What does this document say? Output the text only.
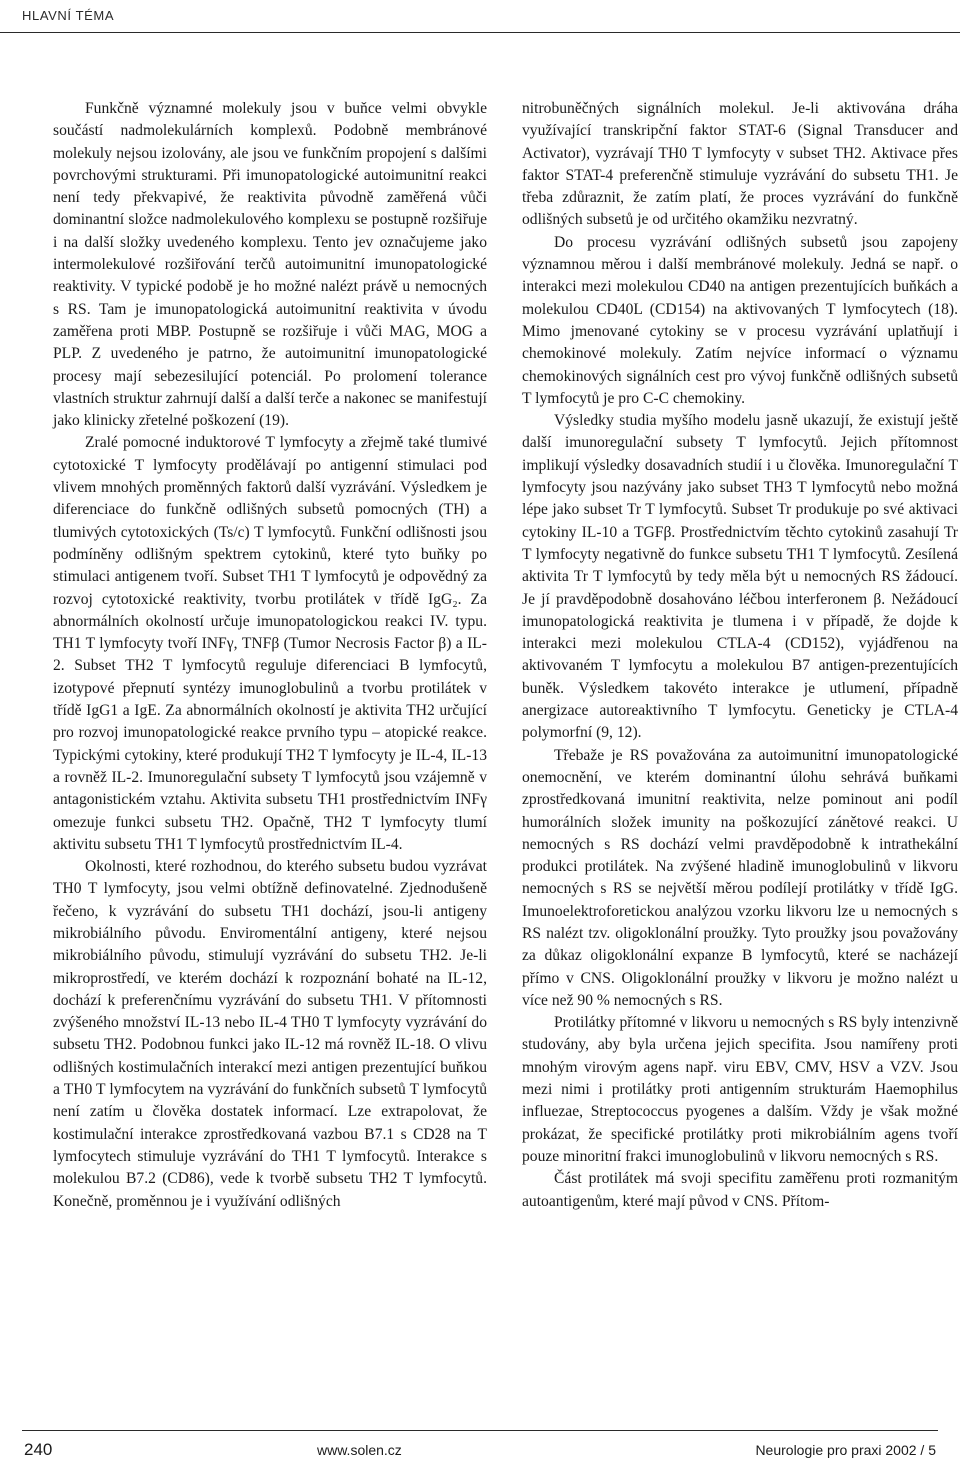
HLAVNÍ TÉMA

Funkčně významné molekuly jsou v buňce velmi obvykle součástí nadmolekulárních komplexů. Podobně membránové molekuly nejsou izolovány, ale jsou ve funkčním propojení s dalšími povrchovými strukturami. Při imunopatologické autoimunitní reakci není tedy překvapivé, že reaktivita původně zaměřená vůči dominantní složce nadmolekulového komplexu se postupně rozšiřuje i na další složky uvedeného komplexu. Tento jev označujeme jako intermolekulové rozšiřování terčů autoimunitní imunopatologické reaktivity. V typické podobě je ho možné nalézt právě u nemocných s RS. Tam je imunopatologická autoimunitní reaktivita v úvodu zaměřena proti MBP. Postupně se rozšiřuje i vůči MAG, MOG a PLP. Z uvedeného je patrno, že autoimunitní imunopatologické procesy mají sebezesilující potenciál. Po prolomení tolerance vlastních struktur zahrnují další a další terče a nakonec se manifestují jako klinicky zřetelné poškození (19).

Zralé pomocné induktorové T lymfocyty a zřejmě také tlumivé cytotoxické T lymfocyty prodělávají po antigenní stimulaci pod vlivem mnohých proměnných faktorů další vyzrávání. Výsledkem je diferenciace do funkčně odlišných subsetů pomocných (TH) a tlumivých cytotoxických (Ts/c) T lymfocytů. Funkční odlišnosti jsou podmíněny odlišným spektrem cytokinů, které tyto buňky po stimulaci antigenem tvoří. Subset TH1 T lymfocytů je odpovědný za rozvoj cytotoxické reaktivity, tvorbu protilátek v třídě IgG₂. Za abnormálních okolností určuje imunopatologickou reakci IV. typu. TH1 T lymfocyty tvoří INFγ, TNFβ (Tumor Necrosis Factor β) a IL-2. Subset TH2 T lymfocytů reguluje diferenciaci B lymfocytů, izotypové přepnutí syntézy imunoglobulinů a tvorbu protilátek v třídě IgG1 a IgE. Za abnormálních okolností je aktivita TH2 určující pro rozvoj imunopatologické reakce prvního typu – atopické reakce. Typickými cytokiny, které produkují TH2 T lymfocyty je IL-4, IL-13 a rovněž IL-2. Imunoregulační subsety T lymfocytů jsou vzájemně v antagonistickém vztahu. Aktivita subsetu TH1 prostřednictvím INFγ omezuje funkci subsetu TH2. Opačně, TH2 T lymfocyty tlumí aktivitu subsetu TH1 T lymfocytů prostřednictvím IL-4.

Okolnosti, které rozhodnou, do kterého subsetu budou vyzrávat TH0 T lymfocyty, jsou velmi obtížně definovatelné. Zjednodušeně řečeno, k vyzrávání do subsetu TH1 dochází, jsou-li antigeny mikrobiálního původu. Enviromentální antigeny, které nejsou mikrobiálního původu, stimulují vyzrávání do subsetu TH2. Je-li mikroprostředí, ve kterém dochází k rozpoznání bohaté na IL-12, dochází k preferenčnímu vyzrávání do subsetu TH1. V přítomnosti zvýšeného množství IL-13 nebo IL-4 TH0 T lymfocyty vyzrávání do subsetu TH2. Podobnou funkci jako IL-12 má rovněž IL-18. O vlivu odlišných kostimulačních interakcí mezi antigen prezentující buňkou a TH0 T lymfocytem na vyzrávání do funkčních subsetů T lymfocytů není zatím u člověka dostatek informací. Lze extrapolovat, že kostimulační interakce zprostředkovaná vazbou B7.1 s CD28 na T lymfocytech stimuluje vyzrávání do TH1 T lymfocytů. Interakce s molekulou B7.2 (CD86), vede k tvorbě subsetu TH2 T lymfocytů. Konečně, proměnnou je i využívání odlišných

nitrobuněčných signálních molekul. Je-li aktivována dráha využívající transkripční faktor STAT-6 (Signal Transducer and Activator), vyzrávají TH0 T lymfocyty v subset TH2. Aktivace přes faktor STAT-4 preferenčně stimuluje vyzrávání do subsetu TH1. Je třeba zdůraznit, že zatím platí, že proces vyzrávání do funkčně odlišných subsetů je od určitého okamžiku nezvratný.

Do procesu vyzrávání odlišných subsetů jsou zapojeny významnou měrou i další membránové molekuly. Jedná se např. o interakci mezi molekulou CD40 na antigen prezentujících buňkách a molekulou CD40L (CD154) na aktivovaných T lymfocytech (18). Mimo jmenované cytokiny se v procesu vyzrávání uplatňují i chemokinové molekuly. Zatím nejvíce informací o významu chemokinových signálních cest pro vývoj funkčně odlišných subsetů T lymfocytů je pro C-C chemokiny.

Výsledky studia myšího modelu jasně ukazují, že existují ještě další imunoregulační subsety T lymfocytů. Jejich přítomnost implikují výsledky dosavadních studií i u člověka. Imunoregulační T lymfocyty jsou nazývány jako subset TH3 T lymfocytů nebo možná lépe jako subset Tr T lymfocytů. Subset Tr produkuje po své aktivaci cytokiny IL-10 a TGFβ. Prostřednictvím těchto cytokinů zasahují Tr T lymfocyty negativně do funkce subsetu TH1 T lymfocytů. Zesílená aktivita Tr T lymfocytů by tedy měla být u nemocných RS žádoucí. Je jí pravděpodobně dosahováno léčbou interferonem β. Nežádoucí imunopatologická reaktivita je tlumena i v případě, že dojde k interakci mezi molekulou CTLA-4 (CD152), vyjádřenou na aktivovaném T lymfocytu a molekulou B7 antigen-prezentujících buněk. Výsledkem takovéto interakce je utlumení, případně anergizace autoreaktivního T lymfocytu. Geneticky je CTLA-4 polymorfní (9, 12).

Třebaže je RS považována za autoimunitní imunopatologické onemocnění, ve kterém dominantní úlohu sehrává buňkami zprostředkovaná imunitní reaktivita, nelze pominout ani podíl humorálních složek imunity na poškozující zánětové reakci. U nemocných s RS dochází velmi pravděpodobně k intrathekální produkci protilátek. Na zvýšené hladině imunoglobulinů v likvoru nemocných s RS se největší měrou podílejí protilátky v třídě IgG. Imunoelektroforetickou analýzou vzorku likvoru lze u nemocných s RS nalézt tzv. oligoklonální proužky. Tyto proužky jsou považovány za důkaz oligoklonální expanze B lymfocytů, které se nacházejí přímo v CNS. Oligoklonální proužky v likvoru je možno nalézt u více než 90 % nemocných s RS.

Protilátky přítomné v likvoru u nemocných s RS byly intenzivně studovány, aby byla určena jejich specifita. Jsou namířeny proti mnohým virovým agens např. viru EBV, CMV, HSV a VZV. Jsou mezi nimi i protilátky proti antigenním strukturám Haemophilus influezae, Streptococcus pyogenes a dalším. Vždy je však možné prokázat, že specifické protilátky proti mikrobiálním agens tvoří pouze minoritní frakci imunoglobulinů v likvoru nemocných s RS.

Část protilátek má svoji specifitu zaměřenu proti rozmanitým autoantigenům, které mají původ v CNS. Přítom-

240	www.solen.cz	Neurologie pro praxi 2002 / 5
